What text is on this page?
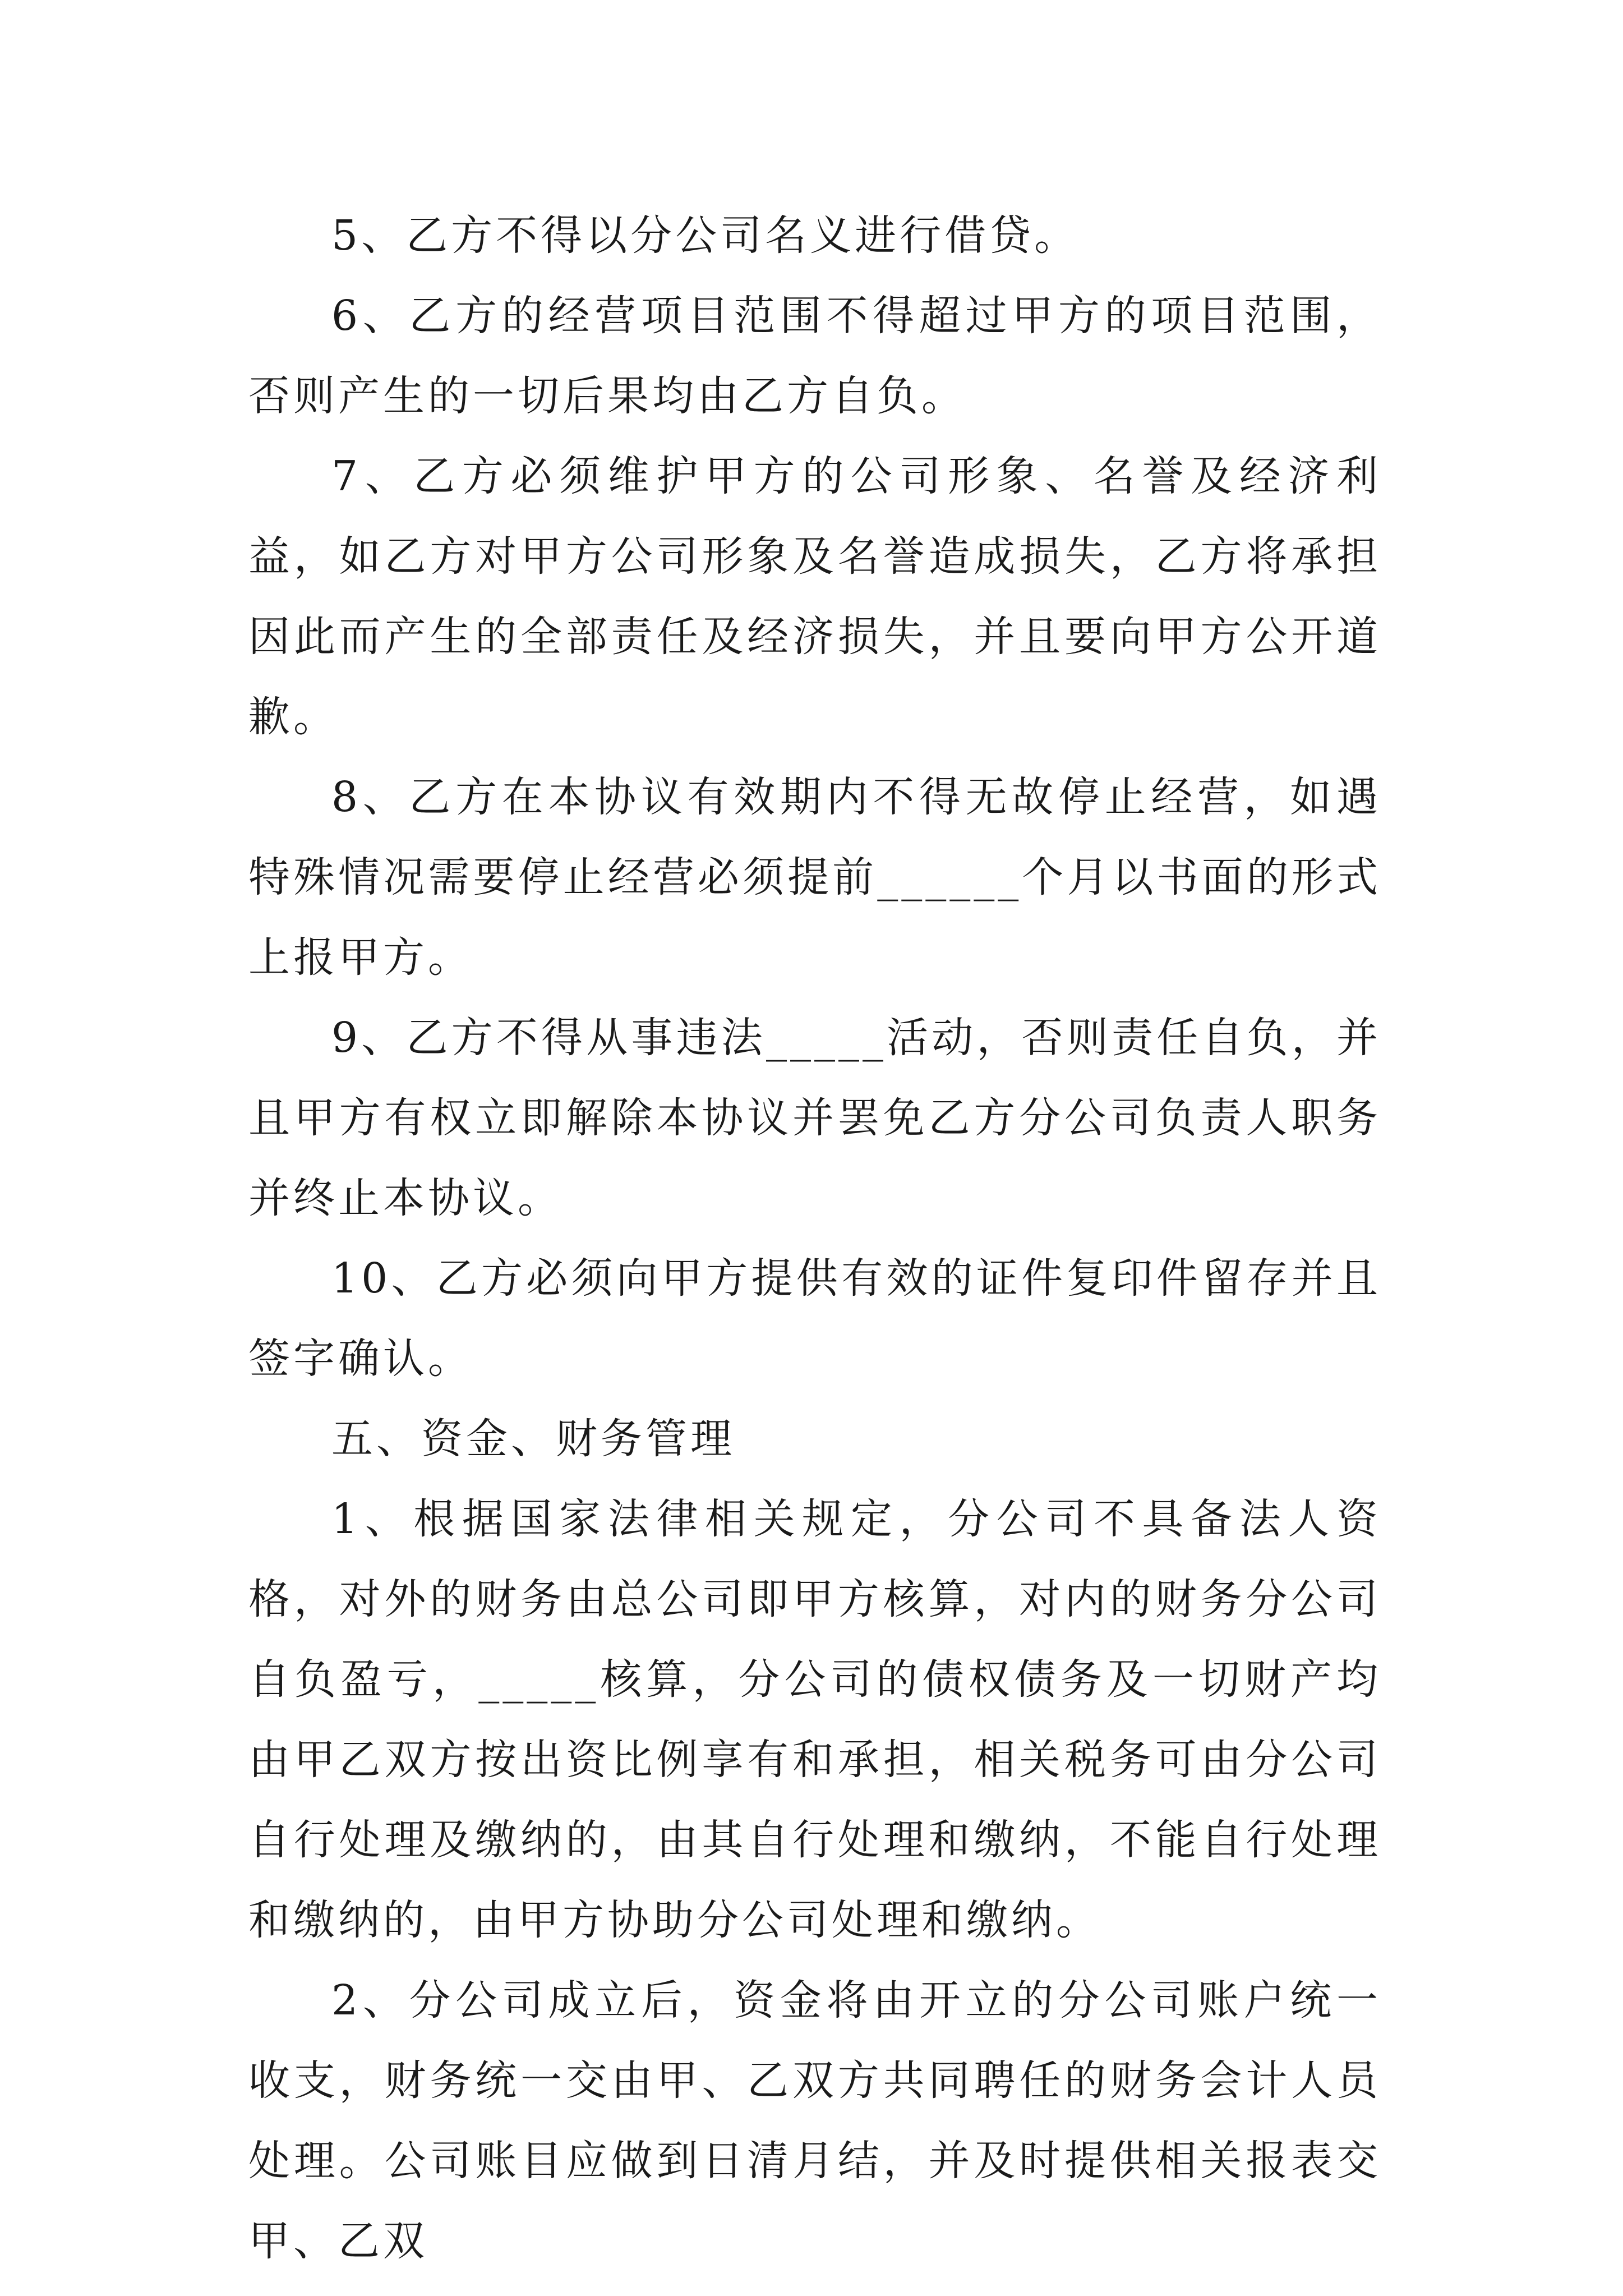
5、乙方不得以分公司名义进行借贷。

6、乙方的经营项目范围不得超过甲方的项目范围，否则产生的一切后果均由乙方自负。

7、乙方必须维护甲方的公司形象、名誉及经济利益，如乙方对甲方公司形象及名誉造成损失，乙方将承担因此而产生的全部责任及经济损失，并且要向甲方公开道歉。

8、乙方在本协议有效期内不得无故停止经营，如遇特殊情况需要停止经营必须提前______个月以书面的形式上报甲方。

9、乙方不得从事违法_____活动，否则责任自负，并且甲方有权立即解除本协议并罢免乙方分公司负责人职务并终止本协议。

10、乙方必须向甲方提供有效的证件复印件留存并且签字确认。

五、资金、财务管理

1、根据国家法律相关规定，分公司不具备法人资格，对外的财务由总公司即甲方核算，对内的财务分公司自负盈亏，_____核算，分公司的债权债务及一切财产均由甲乙双方按出资比例享有和承担，相关税务可由分公司自行处理及缴纳的，由其自行处理和缴纳，不能自行处理和缴纳的，由甲方协助分公司处理和缴纳。

2、分公司成立后，资金将由开立的分公司账户统一收支，财务统一交由甲、乙双方共同聘任的财务会计人员处理。公司账目应做到日清月结，并及时提供相关报表交甲、乙双
